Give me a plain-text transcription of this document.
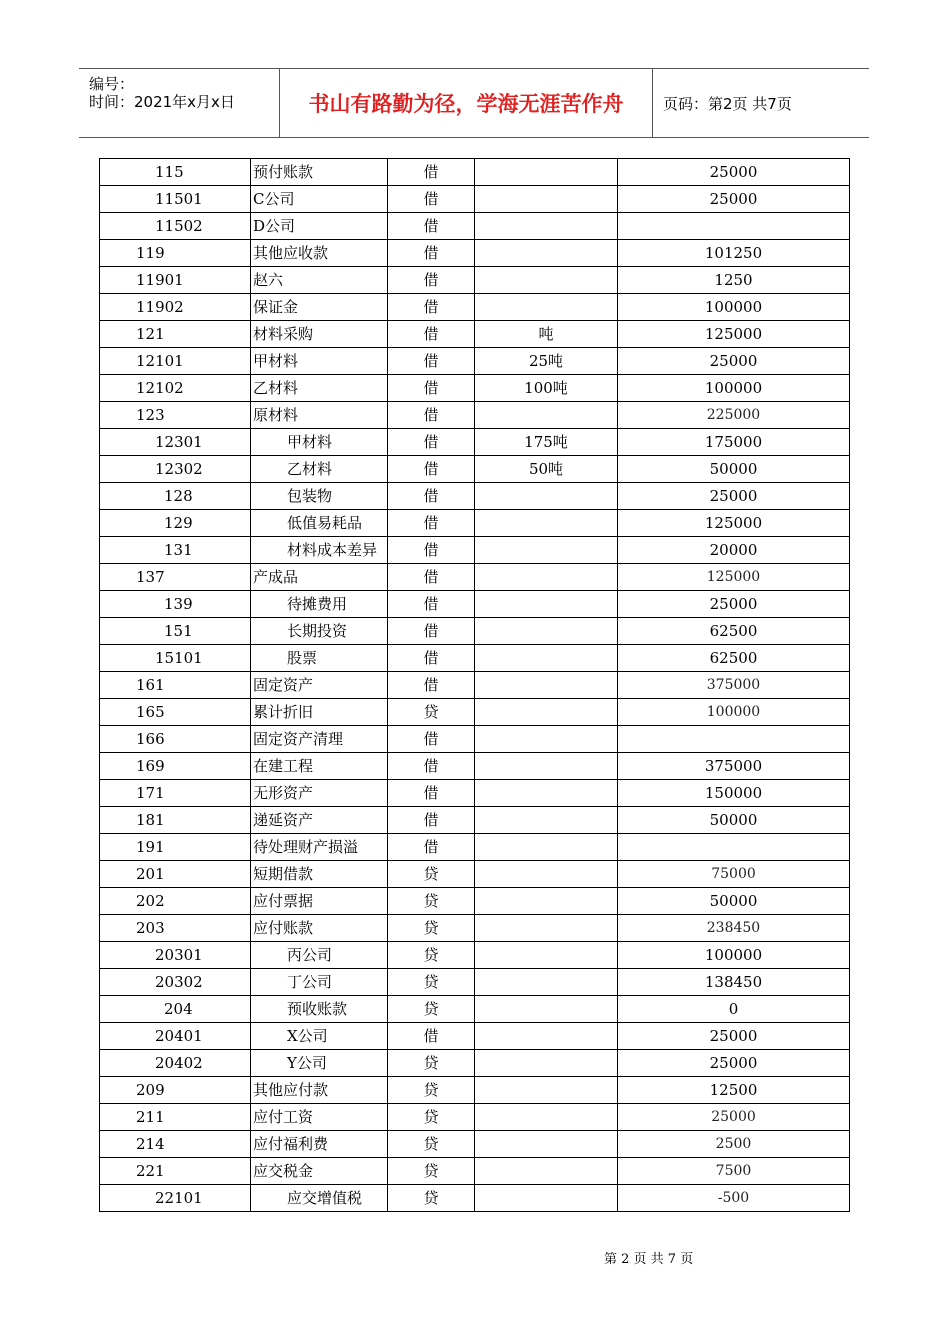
编号：
时间：2021年x月x日	书山有路勤为径，学海无涯苦作舟	页码：第2页 共7页
115	预付账款	借		25000
11501	C公司	借		25000
11502	D公司	借		
119	其他应收款	借		101250
11901	赵六	借		1250
11902	保证金	借		100000
121	材料采购	借	吨	125000
12101	甲材料	借	25吨	25000
12102	乙材料	借	100吨	100000
123	原材料	借		225000
12301	甲材料	借	175吨	175000
12302	乙材料	借	50吨	50000
128	包装物	借		25000
129	低值易耗品	借		125000
131	材料成本差异	借		20000
137	产成品	借		125000
139	待摊费用	借		25000
151	长期投资	借		62500
15101	股票	借		62500
161	固定资产	借		375000
165	累计折旧	贷		100000
166	固定资产清理	借		
169	在建工程	借		375000
171	无形资产	借		150000
181	递延资产	借		50000
191	待处理财产损溢	借		
201	短期借款	贷		75000
202	应付票据	贷		50000
203	应付账款	贷		238450
20301	丙公司	贷		100000
20302	丁公司	贷		138450
204	预收账款	贷		0
20401	X公司	借		25000
20402	Y公司	贷		25000
209	其他应付款	贷		12500
211	应付工资	贷		25000
214	应付福利费	贷		2500
221	应交税金	贷		7500
22101	应交增值税	贷		-500
第 2 页 共 7 页
